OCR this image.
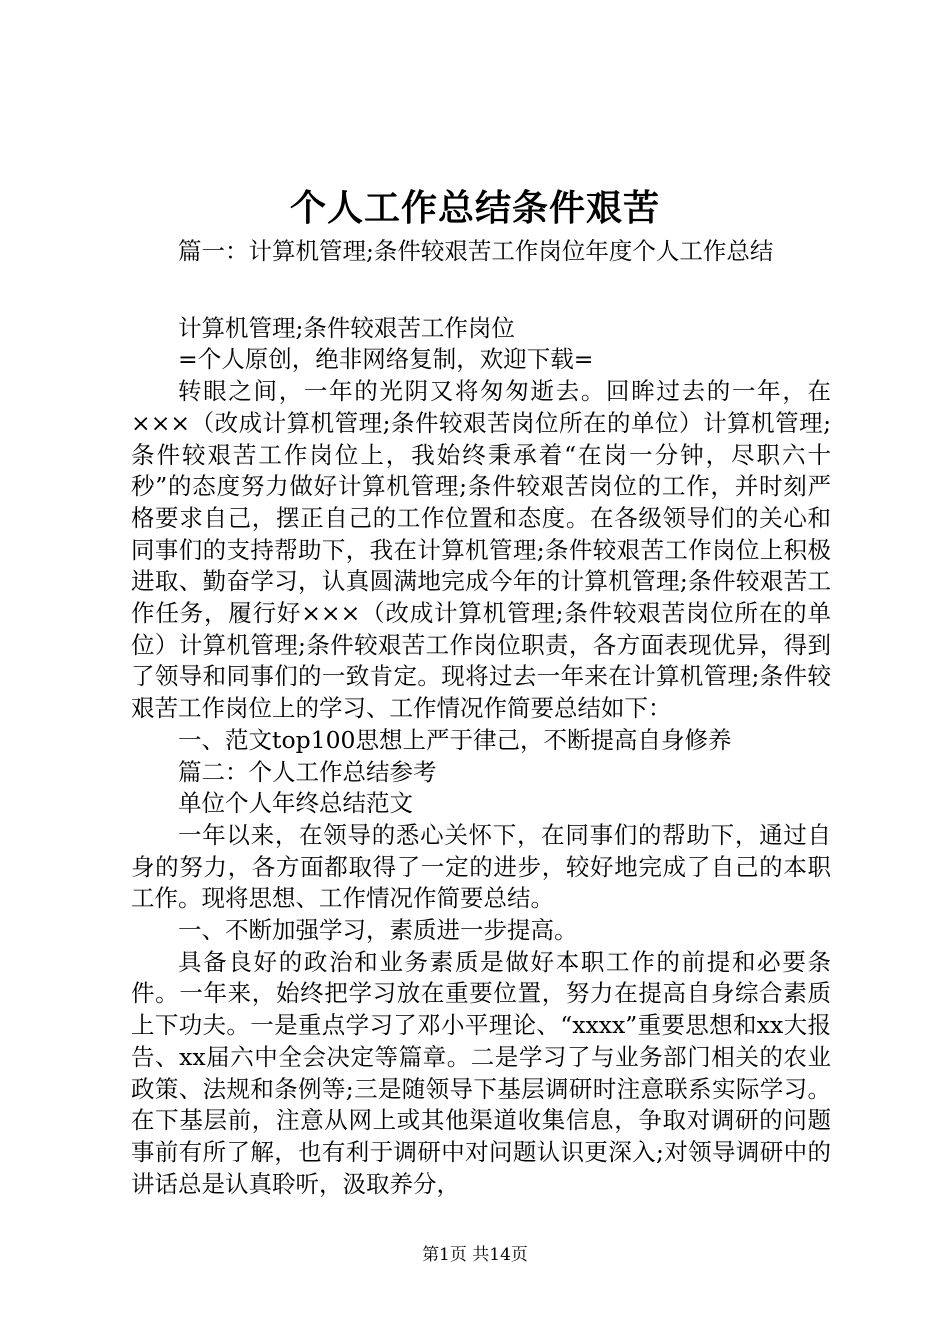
个人工作总结条件艰苦

篇一：计算机管理;条件较艰苦工作岗位年度个人工作总结

计算机管理;条件较艰苦工作岗位

=个人原创，绝非网络复制，欢迎下载=

转眼之间，一年的光阴又将匆匆逝去。回眸过去的一年，在×××（改成计算机管理;条件较艰苦岗位所在的单位）计算机管理;条件较艰苦工作岗位上，我始终秉承着“在岗一分钟，尽职六十秒”的态度努力做好计算机管理;条件较艰苦岗位的工作，并时刻严格要求自己，摆正自己的工作位置和态度。在各级领导们的关心和同事们的支持帮助下，我在计算机管理;条件较艰苦工作岗位上积极进取、勤奋学习，认真圆满地完成今年的计算机管理;条件较艰苦工作任务，履行好×××（改成计算机管理;条件较艰苦岗位所在的单位）计算机管理;条件较艰苦工作岗位职责，各方面表现优异，得到了领导和同事们的一致肯定。现将过去一年来在计算机管理;条件较艰苦工作岗位上的学习、工作情况作简要总结如下：

一、范文top100思想上严于律己，不断提高自身修养

篇二：个人工作总结参考

单位个人年终总结范文

一年以来，在领导的悉心关怀下，在同事们的帮助下，通过自身的努力，各方面都取得了一定的进步，较好地完成了自己的本职工作。现将思想、工作情况作简要总结。

一、不断加强学习，素质进一步提高。

具备良好的政治和业务素质是做好本职工作的前提和必要条件。一年来，始终把学习放在重要位置，努力在提高自身综合素质上下功夫。一是重点学习了邓小平理论、“xxxx”重要思想和xx大报告、xx届六中全会决定等篇章。二是学习了与业务部门相关的农业政策、法规和条例等;三是随领导下基层调研时注意联系实际学习。在下基层前，注意从网上或其他渠道收集信息，争取对调研的问题事前有所了解，也有利于调研中对问题认识更深入;对领导调研中的讲话总是认真聆听，汲取养分，

第1页 共14页
